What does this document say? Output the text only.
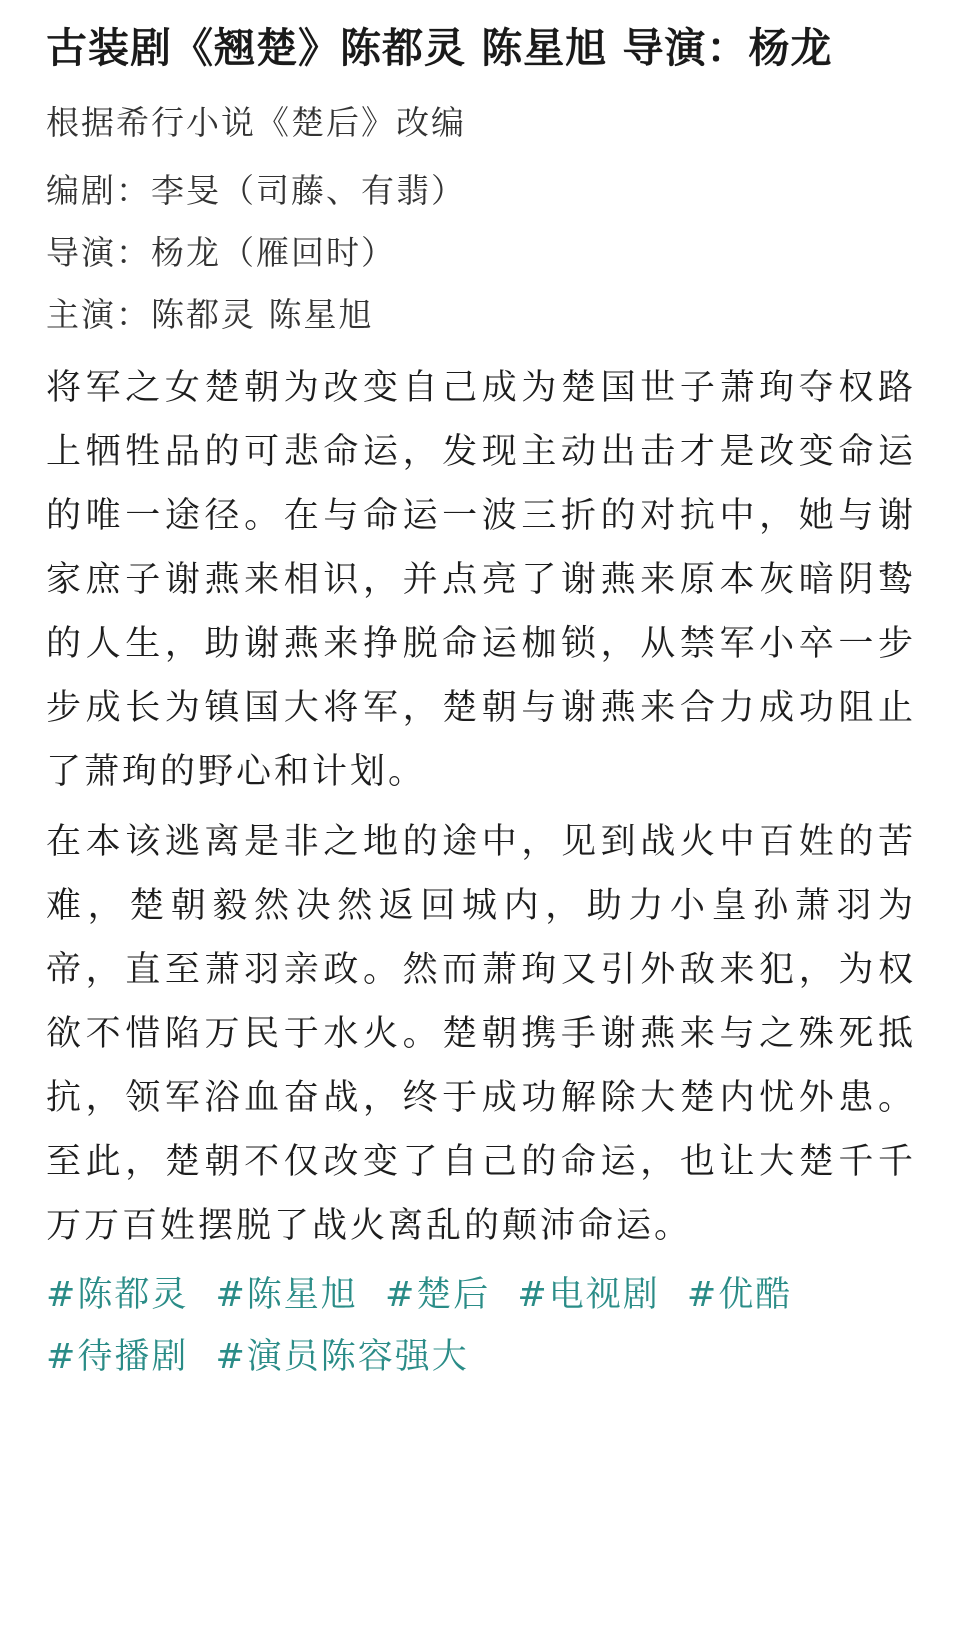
古装剧《翘楚》陈都灵 陈星旭 导演：杨龙
根据希行小说《楚后》改编
编剧：李旻（司藤、有翡）
导演：杨龙（雁回时）
主演：陈都灵 陈星旭
将军之女楚朝为改变自己成为楚国世子萧珣夺权路上牺牲品的可悲命运，发现主动出击才是改变命运的唯一途径。在与命运一波三折的对抗中，她与谢家庶子谢燕来相识，并点亮了谢燕来原本灰暗阴鸷的人生，助谢燕来挣脱命运枷锁，从禁军小卒一步步成长为镇国大将军，楚朝与谢燕来合力成功阻止了萧珣的野心和计划。
在本该逃离是非之地的途中，见到战火中百姓的苦难，楚朝毅然决然返回城内，助力小皇孙萧羽为帝，直至萧羽亲政。然而萧珣又引外敌来犯，为权欲不惜陷万民于水火。楚朝携手谢燕来与之殊死抵抗，领军浴血奋战，终于成功解除大楚内忧外患。至此，楚朝不仅改变了自己的命运，也让大楚千千万万百姓摆脱了战火离乱的颠沛命运。
#陈都灵 #陈星旭 #楚后 #电视剧 #优酷 #待播剧 #演员陈容强大
